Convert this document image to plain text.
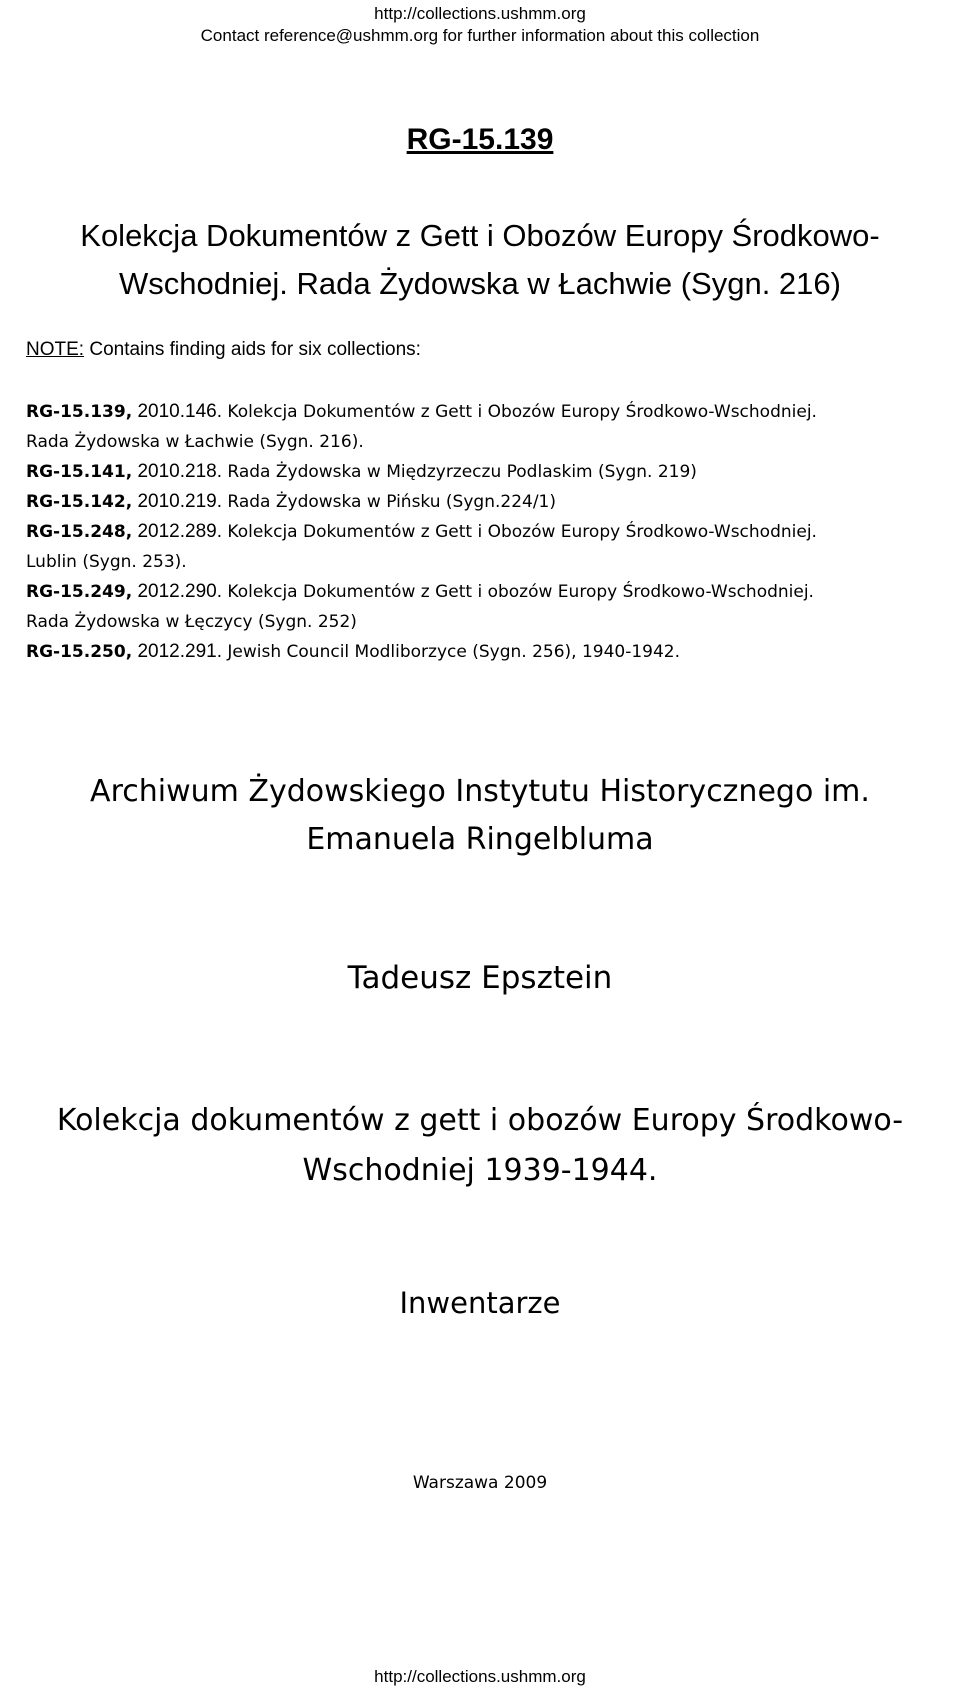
http://collections.ushmm.org
Contact reference@ushmm.org for further information about this collection
RG-15.139
Kolekcja Dokumentów z Gett i Obozów Europy Środkowo-
Wschodniej. Rada Żydowska w Łachwie (Sygn. 216)
NOTE: Contains finding aids for six collections:
RG-15.139, 2010.146. Kolekcja Dokumentów z Gett i Obozów Europy Środkowo-Wschodniej.
Rada Żydowska w Łachwie (Sygn. 216).
RG-15.141, 2010.218. Rada Żydowska w Międzyrzeczu Podlaskim (Sygn. 219)
RG-15.142, 2010.219. Rada Żydowska w Pińsku (Sygn.224/1)
RG-15.248, 2012.289. Kolekcja Dokumentów z Gett i Obozów Europy Środkowo-Wschodniej.
Lublin (Sygn. 253).
RG-15.249, 2012.290. Kolekcja Dokumentów z Gett i obozów Europy Środkowo-Wschodniej.
Rada Żydowska w Łęczycy (Sygn. 252)
RG-15.250, 2012.291. Jewish Council Modliborzyce (Sygn. 256), 1940-1942.
Archiwum Żydowskiego Instytutu Historycznego im.
Emanuela Ringelbluma
Tadeusz Epsztein
Kolekcja dokumentów z gett i obozów Europy Środkowo-
Wschodniej 1939-1944.
Inwentarze
Warszawa 2009
http://collections.ushmm.org
